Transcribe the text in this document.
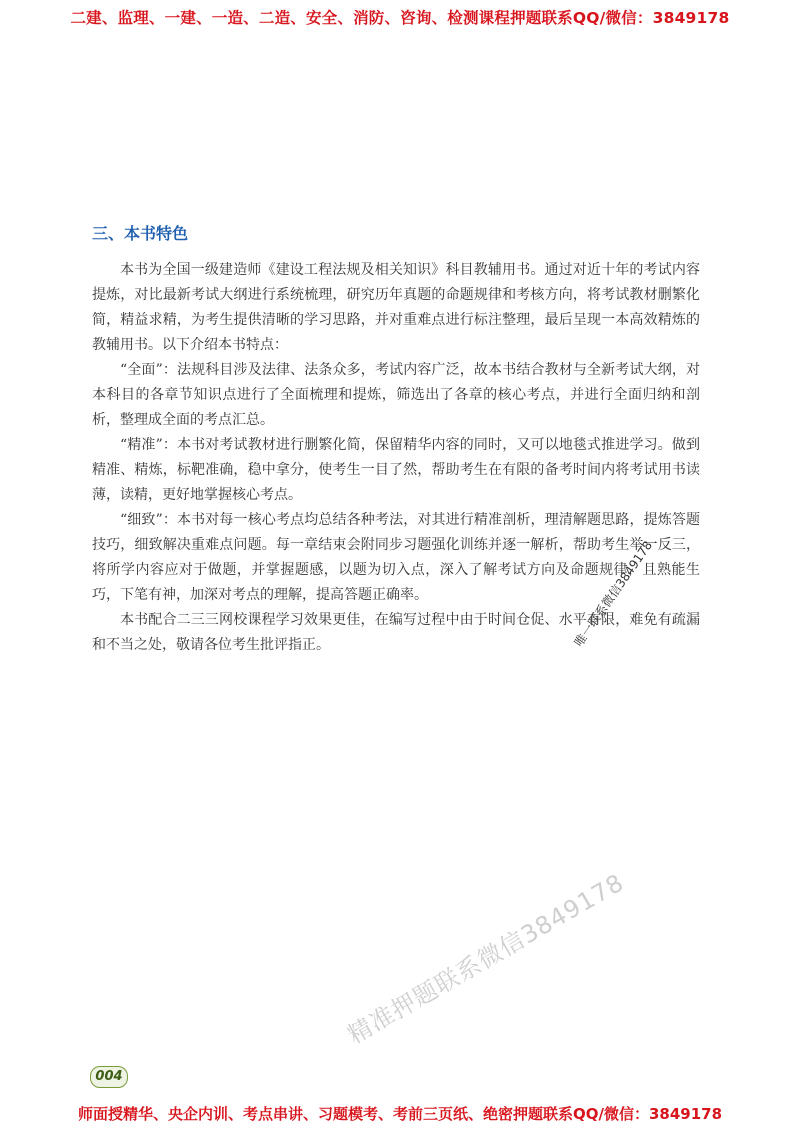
二建、监理、一建、一造、二造、安全、消防、咨询、检测课程押题联系QQ/微信：3849178
三、本书特色

本书为全国一级建造师《建设工程法规及相关知识》科目教辅用书。通过对近十年的考试内容提炼，对比最新考试大纲进行系统梳理，研究历年真题的命题规律和考核方向，将考试教材删繁化简，精益求精，为考生提供清晰的学习思路，并对重难点进行标注整理，最后呈现一本高效精炼的教辅用书。以下介绍本书特点：

“全面”：法规科目涉及法律、法条众多，考试内容广泛，故本书结合教材与全新考试大纲，对本科目的各章节知识点进行了全面梳理和提炼，筛选出了各章的核心考点，并进行全面归纳和剖析，整理成全面的考点汇总。

“精准”：本书对考试教材进行删繁化简，保留精华内容的同时，又可以地毯式推进学习。做到精准、精炼，标靶准确，稳中拿分，使考生一目了然，帮助考生在有限的备考时间内将考试用书读薄，读精，更好地掌握核心考点。

“细致”：本书对每一核心考点均总结各种考法，对其进行精准剖析，理清解题思路，提炼答题技巧，细致解决重难点问题。每一章结束会附同步习题强化训练并逐一解析，帮助考生举一反三，将所学内容应对于做题，并掌握题感，以题为切入点，深入了解考试方向及命题规律，且熟能生巧，下笔有神，加深对考点的理解，提高答题正确率。

本书配合二三三网校课程学习效果更佳，在编写过程中由于时间仓促、水平有限，难免有疏漏和不当之处，敬请各位考生批评指正。	唯一联系微信3849178
精准押题联系微信3849178
004
师面授精华、央企内训、考点串讲、习题模考、考前三页纸、绝密押题联系QQ/微信：3849178
